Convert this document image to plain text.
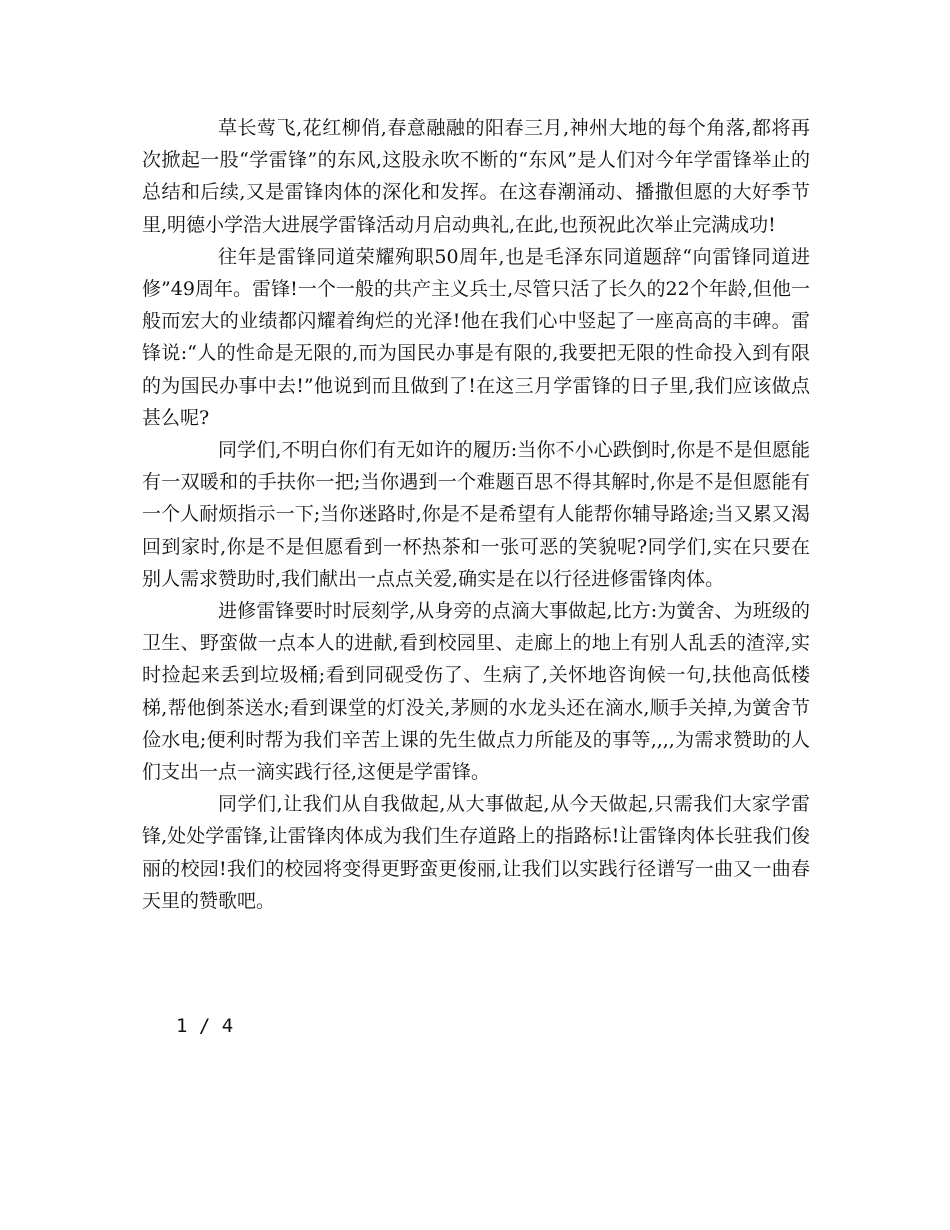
草长莺飞,花红柳俏,春意融融的阳春三月,神州大地的每个角落,都将再次掀起一股“学雷锋”的东风,这股永吹不断的“东风”是人们对今年学雷锋举止的总结和后续,又是雷锋肉体的深化和发挥。在这春潮涌动、播撒但愿的大好季节里,明德小学浩大进展学雷锋活动月启动典礼,在此,也预祝此次举止完满成功!

往年是雷锋同道荣耀殉职50周年,也是毛泽东同道题辞“向雷锋同道进修”49周年。雷锋!一个一般的共产主义兵士,尽管只活了长久的22个年龄,但他一般而宏大的业绩都闪耀着绚烂的光泽!他在我们心中竖起了一座高高的丰碑。雷锋说:“人的性命是无限的,而为国民办事是有限的,我要把无限的性命投入到有限的为国民办事中去!”他说到而且做到了!在这三月学雷锋的日子里,我们应该做点甚么呢?

同学们,不明白你们有无如许的履历:当你不小心跌倒时,你是不是但愿能有一双暖和的手扶你一把;当你遇到一个难题百思不得其解时,你是不是但愿能有一个人耐烦指示一下;当你迷路时,你是不是希望有人能帮你辅导路途;当又累又渴回到家时,你是不是但愿看到一杯热茶和一张可恶的笑貌呢?同学们,实在只要在别人需求赞助时,我们献出一点点关爱,确实是在以行径进修雷锋肉体。

进修雷锋要时时辰刻学,从身旁的点滴大事做起,比方:为黉舍、为班级的卫生、野蛮做一点本人的进献,看到校园里、走廊上的地上有别人乱丢的渣滓,实时捡起来丢到垃圾桶;看到同砚受伤了、生病了,关怀地咨询候一句,扶他高低楼梯,帮他倒茶送水;看到课堂的灯没关,茅厕的水龙头还在滴水,顺手关掉,为黉舍节俭水电;便利时帮为我们辛苦上课的先生做点力所能及的事等,,,,为需求赞助的人们支出一点一滴实践行径,这便是学雷锋。

同学们,让我们从自我做起,从大事做起,从今天做起,只需我们大家学雷锋,处处学雷锋,让雷锋肉体成为我们生存道路上的指路标!让雷锋肉体长驻我们俊丽的校园!我们的校园将变得更野蛮更俊丽,让我们以实践行径谱写一曲又一曲春天里的赞歌吧。

1 / 4
